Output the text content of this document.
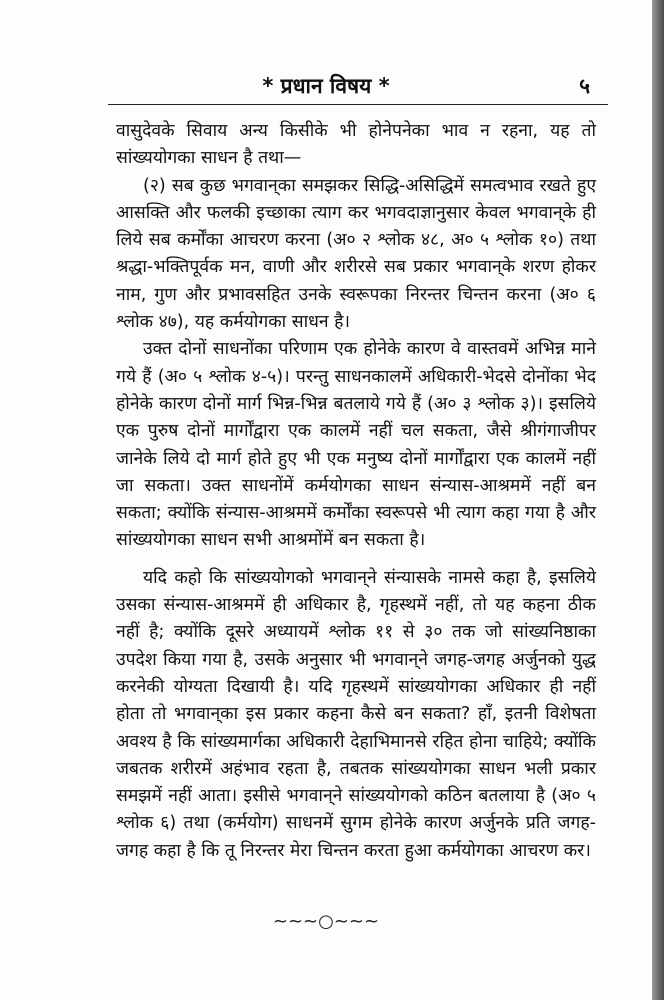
* प्रधान विषय *	५

वासुदेवके सिवाय अन्य किसीके भी होनेपनेका भाव न रहना, यह तो सांख्ययोगका साधन है तथा—

(२) सब कुछ भगवान्‌का समझकर सिद्धि-असिद्धिमें समत्वभाव रखते हुए आसक्ति और फलकी इच्छाका त्याग कर भगवदाज्ञानुसार केवल भगवान्‌के ही लिये सब कर्मोंका आचरण करना (अ० २ श्लोक ४८, अ० ५ श्लोक १०) तथा श्रद्धा-भक्तिपूर्वक मन, वाणी और शरीरसे सब प्रकार भगवान्‌के शरण होकर नाम, गुण और प्रभावसहित उनके स्वरूपका निरन्तर चिन्तन करना (अ० ६ श्लोक ४७), यह कर्मयोगका साधन है।

उक्त दोनों साधनोंका परिणाम एक होनेके कारण वे वास्तवमें अभिन्न माने गये हैं (अ० ५ श्लोक ४-५)। परन्तु साधनकालमें अधिकारी-भेदसे दोनोंका भेद होनेके कारण दोनों मार्ग भिन्न-भिन्न बतलाये गये हैं (अ० ३ श्लोक ३)। इसलिये एक पुरुष दोनों मार्गोंद्वारा एक कालमें नहीं चल सकता, जैसे श्रीगंगाजीपर जानेके लिये दो मार्ग होते हुए भी एक मनुष्य दोनों मार्गोंद्वारा एक कालमें नहीं जा सकता। उक्त साधनोंमें कर्मयोगका साधन संन्यास-आश्रममें नहीं बन सकता; क्योंकि संन्यास-आश्रममें कर्मोंका स्वरूपसे भी त्याग कहा गया है और सांख्ययोगका साधन सभी आश्रमोंमें बन सकता है।

यदि कहो कि सांख्ययोगको भगवान्‌ने संन्यासके नामसे कहा है, इसलिये उसका संन्यास-आश्रममें ही अधिकार है, गृहस्थमें नहीं, तो यह कहना ठीक नहीं है; क्योंकि दूसरे अध्यायमें श्लोक ११ से ३० तक जो सांख्यनिष्ठाका उपदेश किया गया है, उसके अनुसार भी भगवान्‌ने जगह-जगह अर्जुनको युद्ध करनेकी योग्यता दिखायी है। यदि गृहस्थमें सांख्ययोगका अधिकार ही नहीं होता तो भगवान्‌का इस प्रकार कहना कैसे बन सकता? हाँ, इतनी विशेषता अवश्य है कि सांख्यमार्गका अधिकारी देहाभिमानसे रहित होना चाहिये; क्योंकि जबतक शरीरमें अहंभाव रहता है, तबतक सांख्ययोगका साधन भली प्रकार समझमें नहीं आता। इसीसे भगवान्‌ने सांख्ययोगको कठिन बतलाया है (अ० ५ श्लोक ६) तथा (कर्मयोग) साधनमें सुगम होनेके कारण अर्जुनके प्रति जगह-जगह कहा है कि तू निरन्तर मेरा चिन्तन करता हुआ कर्मयोगका आचरण कर।

~~~○~~~
